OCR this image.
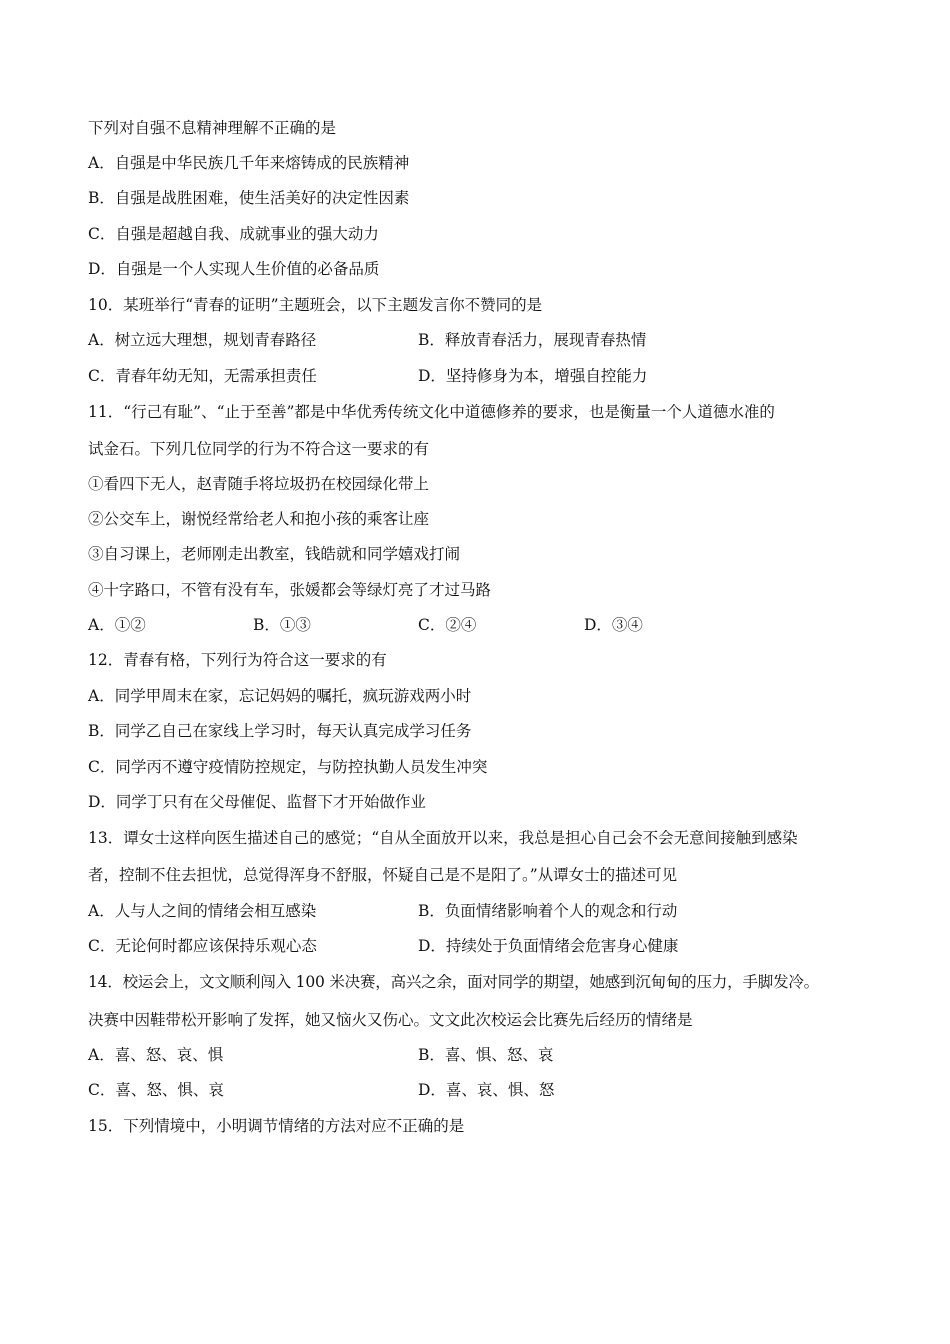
下列对自强不息精神理解不正确的是
A．自强是中华民族几千年来熔铸成的民族精神
B．自强是战胜困难，使生活美好的决定性因素
C．自强是超越自我、成就事业的强大动力
D．自强是一个人实现人生价值的必备品质
10．某班举行“青春的证明”主题班会，以下主题发言你不赞同的是
A．树立远大理想，规划青春路径	B．释放青春活力，展现青春热情
C．青春年幼无知，无需承担责任	D．坚持修身为本，增强自控能力
11．“行己有耻”、“止于至善”都是中华优秀传统文化中道德修养的要求，也是衡量一个人道德水准的
试金石。下列几位同学的行为不符合这一要求的有
①看四下无人，赵青随手将垃圾扔在校园绿化带上
②公交车上，谢悦经常给老人和抱小孩的乘客让座
③自习课上，老师刚走出教室，钱皓就和同学嬉戏打闹
④十字路口，不管有没有车，张媛都会等绿灯亮了才过马路
A．①②	B．①③	C．②④	D．③④
12．青春有格，下列行为符合这一要求的有
A．同学甲周末在家，忘记妈妈的嘱托，疯玩游戏两小时
B．同学乙自己在家线上学习时，每天认真完成学习任务
C．同学丙不遵守疫情防控规定，与防控执勤人员发生冲突
D．同学丁只有在父母催促、监督下才开始做作业
13．谭女士这样向医生描述自己的感觉；“自从全面放开以来，我总是担心自己会不会无意间接触到感染
者，控制不住去担忧，总觉得浑身不舒服，怀疑自己是不是阳了。”从谭女士的描述可见
A．人与人之间的情绪会相互感染	B．负面情绪影响着个人的观念和行动
C．无论何时都应该保持乐观心态	D．持续处于负面情绪会危害身心健康
14．校运会上，文文顺利闯入 100 米决赛，高兴之余，面对同学的期望，她感到沉甸甸的压力，手脚发冷。
决赛中因鞋带松开影响了发挥，她又恼火又伤心。文文此次校运会比赛先后经历的情绪是
A．喜、怒、哀、惧	B．喜、惧、怒、哀
C．喜、怒、惧、哀	D．喜、哀、惧、怒
15．下列情境中，小明调节情绪的方法对应不正确的是
